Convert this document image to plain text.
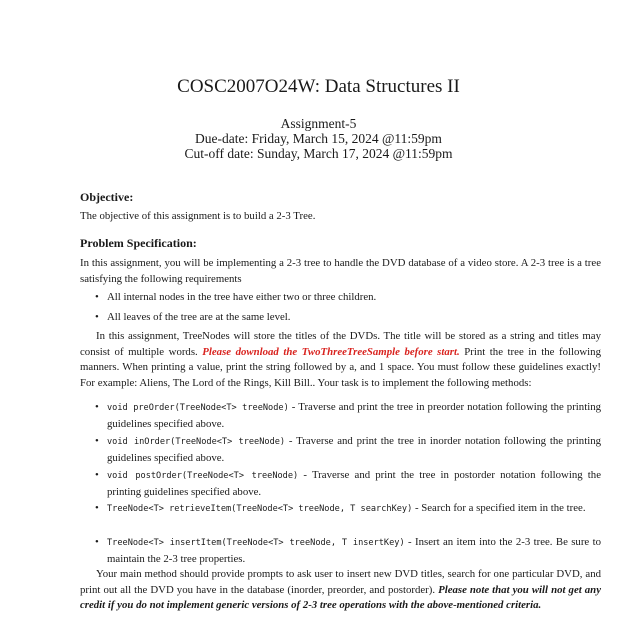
COSC2007O24W: Data Structures II
Assignment-5
Due-date: Friday, March 15, 2024 @11:59pm
Cut-off date: Sunday, March 17, 2024 @11:59pm
Objective:
The objective of this assignment is to build a 2-3 Tree.
Problem Specification:
In this assignment, you will be implementing a 2-3 tree to handle the DVD database of a video store. A 2-3 tree is a tree satisfying the following requirements
• All internal nodes in the tree have either two or three children.
• All leaves of the tree are at the same level.
In this assignment, TreeNodes will store the titles of the DVDs. The title will be stored as a string and titles may consist of multiple words. Please download the TwoThreeTreeSample before start. Print the tree in the following manners. When printing a value, print the string followed by a, and 1 space. You must follow these guidelines exactly! For example: Aliens, The Lord of the Rings, Kill Bill.. Your task is to implement the following methods:
• void preOrder(TreeNode<T> treeNode) - Traverse and print the tree in preorder notation following the printing guidelines specified above.
• void inOrder(TreeNode<T> treeNode) - Traverse and print the tree in inorder notation following the printing guidelines specified above.
• void postOrder(TreeNode<T> treeNode) - Traverse and print the tree in postorder notation following the printing guidelines specified above.
• TreeNode<T> retrieveItem(TreeNode<T> treeNode, T searchKey) - Search for a specified item in the tree.
• TreeNode<T> insertItem(TreeNode<T> treeNode, T insertKey) - Insert an item into the 2-3 tree. Be sure to maintain the 2-3 tree properties.
Your main method should provide prompts to ask user to insert new DVD titles, search for one particular DVD, and print out all the DVD you have in the database (inorder, preorder, and postorder). Please note that you will not get any credit if you do not implement generic versions of 2-3 tree operations with the above-mentioned criteria.
